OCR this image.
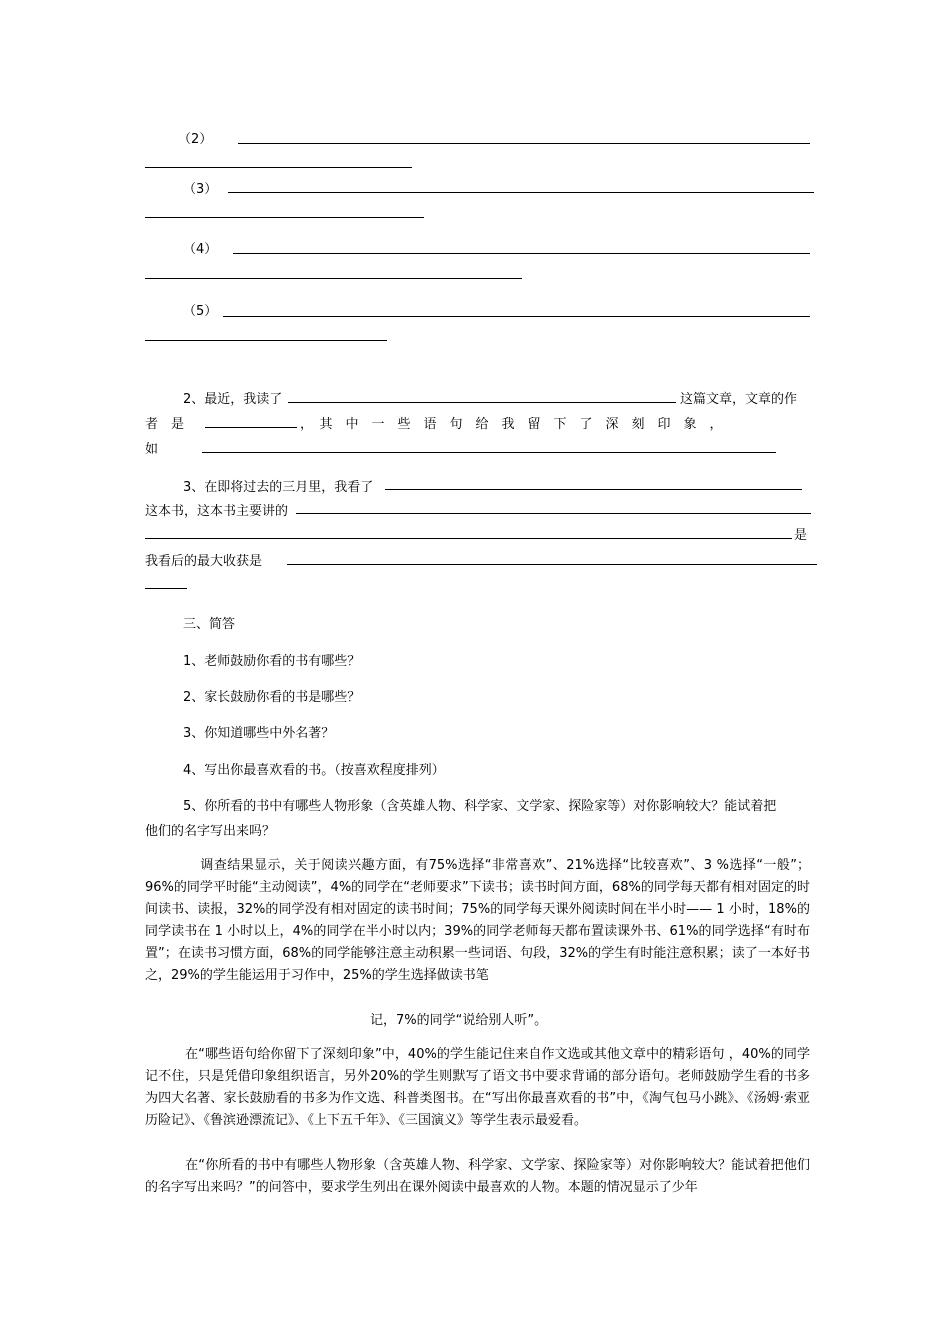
（2）
（3）
（4）
（5）
2、最近，我读了	这篇文章，文章的作
者　是	，　其　中　一　些　语　句　给　我　留　下　了　深　刻　印　象　，
如
3、在即将过去的三月里，我看了
这本书，这本书主要讲的
是
我看后的最大收获是
三、简答
1、老师鼓励你看的书有哪些？
2、家长鼓励你看的书是哪些？
3、你知道哪些中外名著？
4、写出你最喜欢看的书。（按喜欢程度排列）
5、你所看的书中有哪些人物形象（含英雄人物、科学家、文学家、探险家等）对你影响较大？能试着把
他们的名字写出来吗？
调查结果显示，关于阅读兴趣方面，有75%选择“非常喜欢”、21%选择“比较喜欢”、3 %选择“一般”；96%的同学平时能“主动阅读”，4%的同学在“老师要求”下读书；读书时间方面，68%的同学每天都有相对固定的时间读书、读报，32%的同学没有相对固定的读书时间；75%的同学每天课外阅读时间在半小时—— 1 小时，18%的同学读书在 1 小时以上，4%的同学在半小时以内；39%的同学老师每天都布置读课外书、61%的同学选择“有时布置”；在读书习惯方面，68%的同学能够注意主动积累一些词语、句段，32%的学生有时能注意积累；读了一本好书之，29%的学生能运用于习作中，25%的学生选择做读书笔
记，7%的同学“说给别人听”。
在“哪些语句给你留下了深刻印象”中，40%的学生能记住来自作文选或其他文章中的精彩语句 ，40%的同学记不住，只是凭借印象组织语言，另外20%的学生则默写了语文书中要求背诵的部分语句。老师鼓励学生看的书多为四大名著、家长鼓励看的书多为作文选、科普类图书。在“写出你最喜欢看的书”中，《淘气包马小跳》、《汤姆·索亚历险记》、《鲁滨逊漂流记》、《上下五千年》、《三国演义》等学生表示最爱看。
在“你所看的书中有哪些人物形象（含英雄人物、科学家、文学家、探险家等）对你影响较大？能试着把他们的名字写出来吗？”的问答中，要求学生列出在课外阅读中最喜欢的人物。本题的情况显示了少年
